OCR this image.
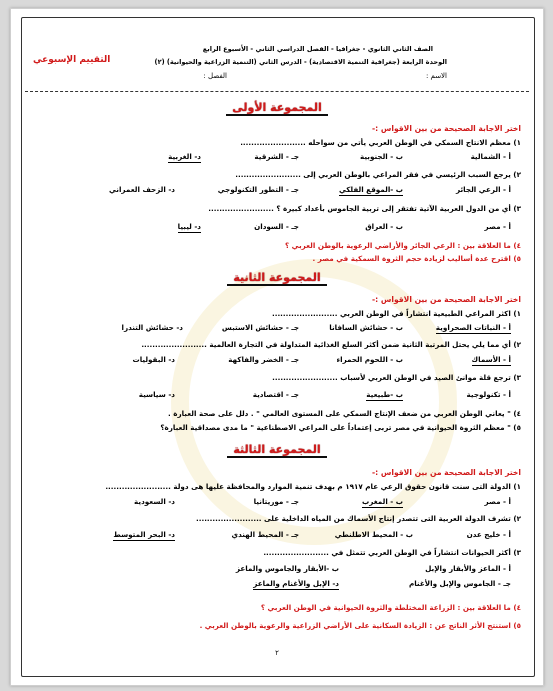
الصف الثاني الثانوي - جغرافيا - الفصل الدراسي الثاني - الأسبوع الرابع
الوحدة الرابعة (جغرافية التنمية الاقتصادية) - الدرس الثاني (التنمية الزراعية والحيوانية) (٢)
التقييم الإسبوعي
الاسم :
الفصل :
المجموعة الأولى
اختر الاجابة الصحيحة من بين الاقواس :-
١) معظم الانتاج السمكي في الوطن العربي يأتي من سواحله ........................
أ - الشمالية
ب - الجنوبية
جـ - الشرقية
د- الغربية
٢) يرجع السبب الرئيسي في فقر المراعي بالوطن العربي إلى ........................
أ - الرعي الجائر
ب -الموقع الفلكي
جـ - التطور التكنولوجي
د- الزحف العمراني
٣) أي من الدول العربية الآتية تفتقر إلى تربية الجاموس بأعداد كبيرة ؟ ........................
أ - مصر
ب - العراق
جـ - السودان
د- ليبيا
٤) ما العلاقة بين : الرعي الجائر والأراضي الرعوية بالوطن العربي ؟
٥) اقترح عدة أساليب لزيادة حجم الثروة السمكية في مصر .
المجموعة الثانية
اختر الاجابة الصحيحة من بين الاقواس :-
١) اكثر المراعي الطبيعية انتشاراً في الوطن العربي ........................
أ - النباتات الصحراوية
ب - حشائش السافانا
جـ - حشائش الاستبس
د- حشائش التندرا
٢) أي مما يلي يحتل المرتبة الثانية ضمن أكثر السلع الغذائية المتداولة في التجارة العالمية ........................
أ - الأسماك
ب - اللحوم الحمراء
جـ - الخضر والفاكهة
د- البقوليات
٣) ترجع قلة موانئ الصيد في الوطن العربي لأسباب ........................
أ - تكنولوجية
ب -طبيعية
جـ - اقتصادية
د- سياسية
٤) " يعاني الوطن العربي من ضعف الإنتاج السمكي على المستوى العالمي " . دلل على صحة العبارة .
٥) " معظم الثروة الحيوانية في مصر تربى إعتماداً على المراعي الاصطناعية " ما مدى مصداقية العبارة؟
المجموعة الثالثة
اختر الاجابة الصحيحة من بين الاقواس :-
١) الدولة التى سنت قانون حقوق الرعي عام ١٩١٧ م بهدف تنمية الموارد والمحافظة عليها هى دولة ........................
أ - مصر
ب - المغرب
جـ - موريتانيا
د- السعودية
٢) تشرف الدولة العربية التى تتصدر إنتاج الأسماك من المياه الداخلية على ........................
أ - خليج عدن
ب - المحيط الاطلنطي
جـ - المحيط الهندي
د- البحر المتوسط
٣) أكثر الحيوانات انتشاراً في الوطن العربي تتمثل في ........................
أ - الماعز والأبقار والإبل
ب -الأبقار والجاموس والماعز
جـ - الجاموس والإبل والأغنام
د- الإبل والأغنام والماعز
٤) ما العلاقة بين : الزراعة المختلطة والثروة الحيوانية في الوطن العربي ؟
٥) استنتج الأثر الناتج عن : الزيادة السكانية على الأراضي الزراعية والرعوية بالوطن العربي .
٢
